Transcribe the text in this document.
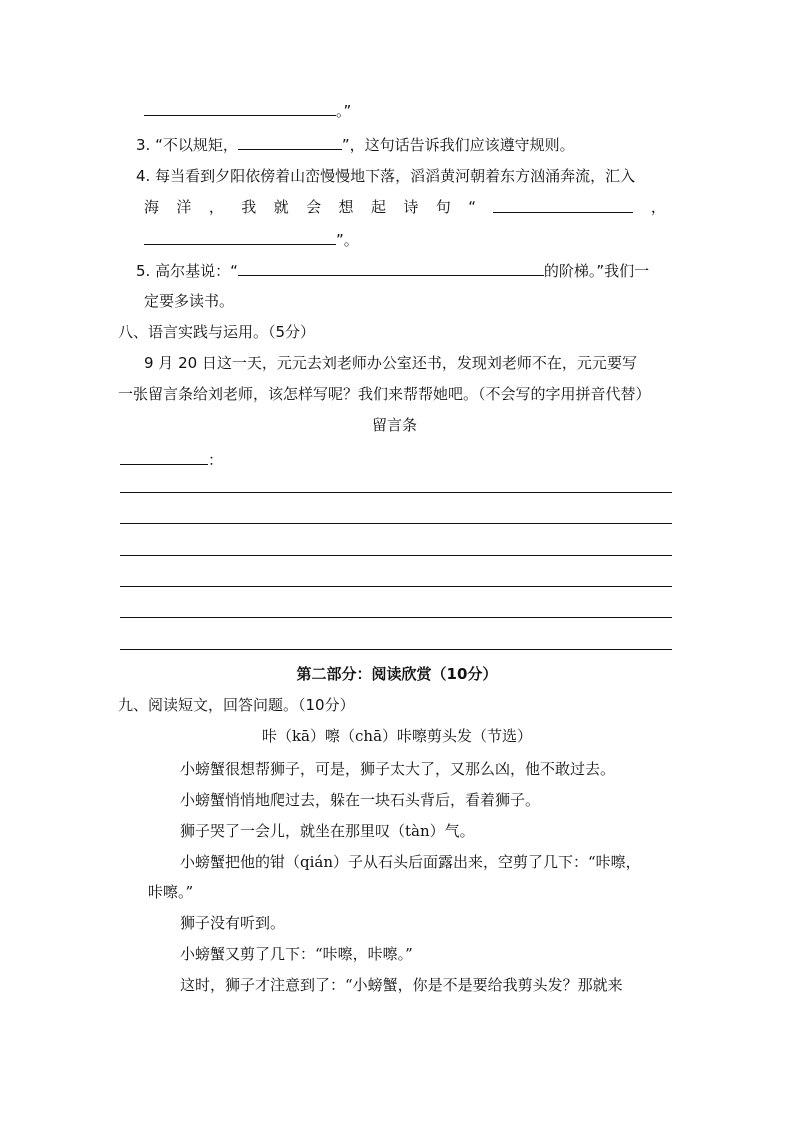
。”
3. “不以规矩，	”，这句话告诉我们应该遵守规则。
4. 每当看到夕阳依傍着山峦慢慢地下落，滔滔黄河朝着东方汹涌奔流，汇入
海 洋 ， 我 就 会 想 起 诗 句 “	，
”。
5. 高尔基说：“	的阶梯。”我们一
定要多读书。
八、语言实践与运用。（5分）
9 月 20 日这一天，元元去刘老师办公室还书，发现刘老师不在，元元要写
一张留言条给刘老师，该怎样写呢？我们来帮帮她吧。（不会写的字用拼音代替）
留言条
：
第二部分：阅读欣赏（10分）
九、阅读短文，回答问题。（10分）
咔（kā）嚓（chā）咔嚓剪头发（节选）
小螃蟹很想帮狮子，可是，狮子太大了，又那么凶，他不敢过去。
小螃蟹悄悄地爬过去，躲在一块石头背后，看着狮子。
狮子哭了一会儿，就坐在那里叹（tàn）气。
小螃蟹把他的钳（qián）子从石头后面露出来，空剪了几下：“咔嚓，
咔嚓。”
狮子没有听到。
小螃蟹又剪了几下：“咔嚓，咔嚓。”
这时，狮子才注意到了：“小螃蟹，你是不是要给我剪头发？那就来
